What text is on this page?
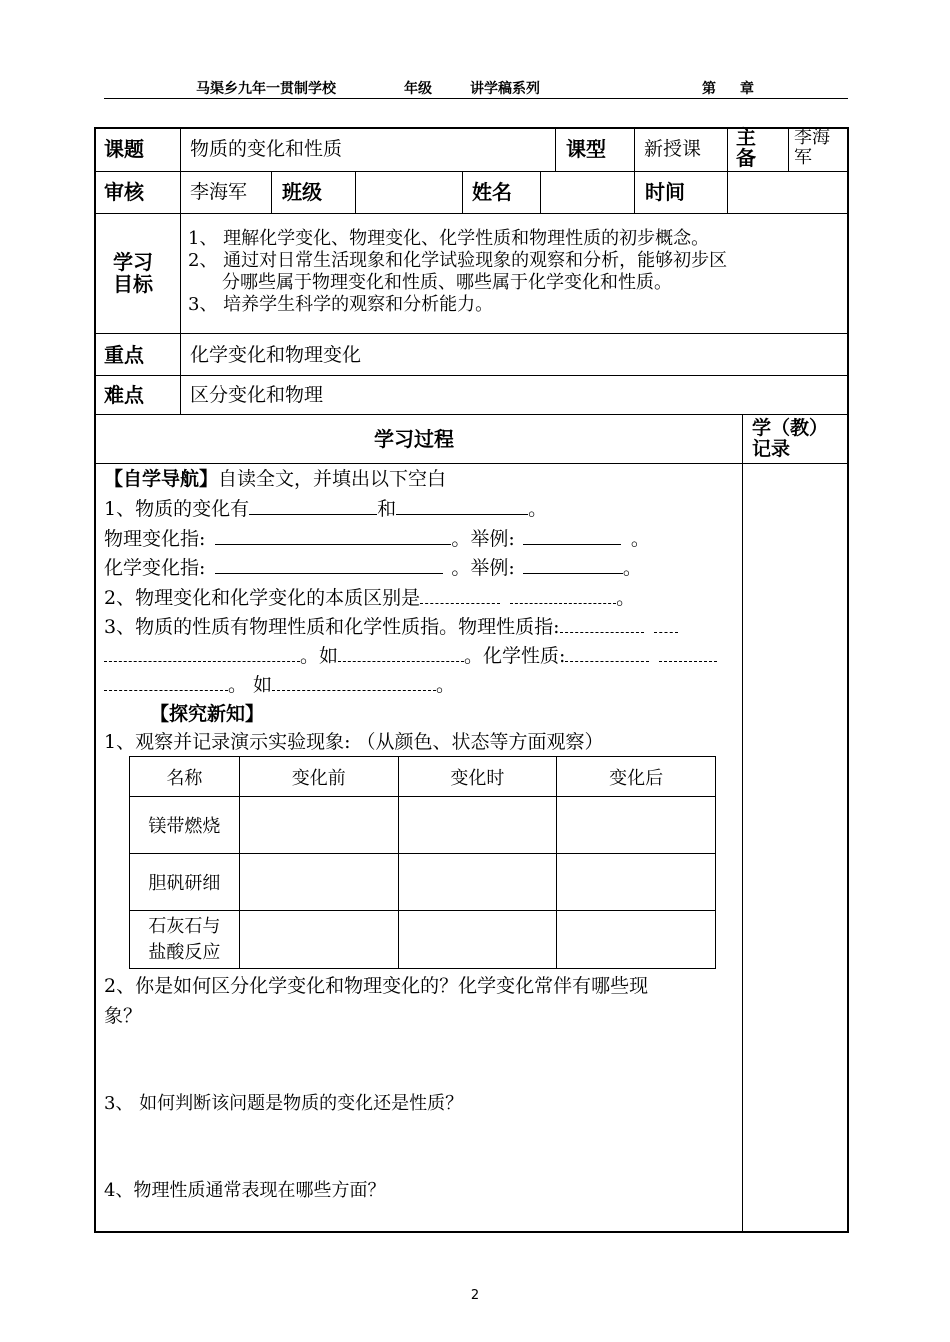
马渠乡九年一贯制学校	年级	讲学稿系列	第 章
课题 物质的变化和性质	课型 新授课 主备
李海军
审核 李海军 班级	姓名	时间
学习目标
1、 理解化学变化、物理变化、化学性质和物理性质的初步概念。
2、 通过对日常生活现象和化学试验现象的观察和分析，能够初步区
分哪些属于物理变化和性质、哪些属于化学变化和性质。
3、 培养学生科学的观察和分析能力。
重点 化学变化和物理变化
难点 区分变化和物理
学习过程	学（教）记录
【自学导航】自读全文，并填出以下空白
1、物质的变化有	和	。
物理变化指:	。举例:	。
化学变化指:	。举例:	。
2、物理变化和化学变化的本质区别是	。
3、物质的性质有物理性质和化学性质指。物理性质指:
。如	。化学性质:
。 如	。
【探究新知】
1、观察并记录演示实验现象: （从颜色、状态等方面观察）
名称	变化前	变化时	变化后
镁带燃烧			
胆矾研细			
石灰石与盐酸反应			
2、你是如何区分化学变化和物理变化的？化学变化常伴有哪些现
象？
3、 如何判断该问题是物质的变化还是性质？
4、物理性质通常表现在哪些方面？
2
